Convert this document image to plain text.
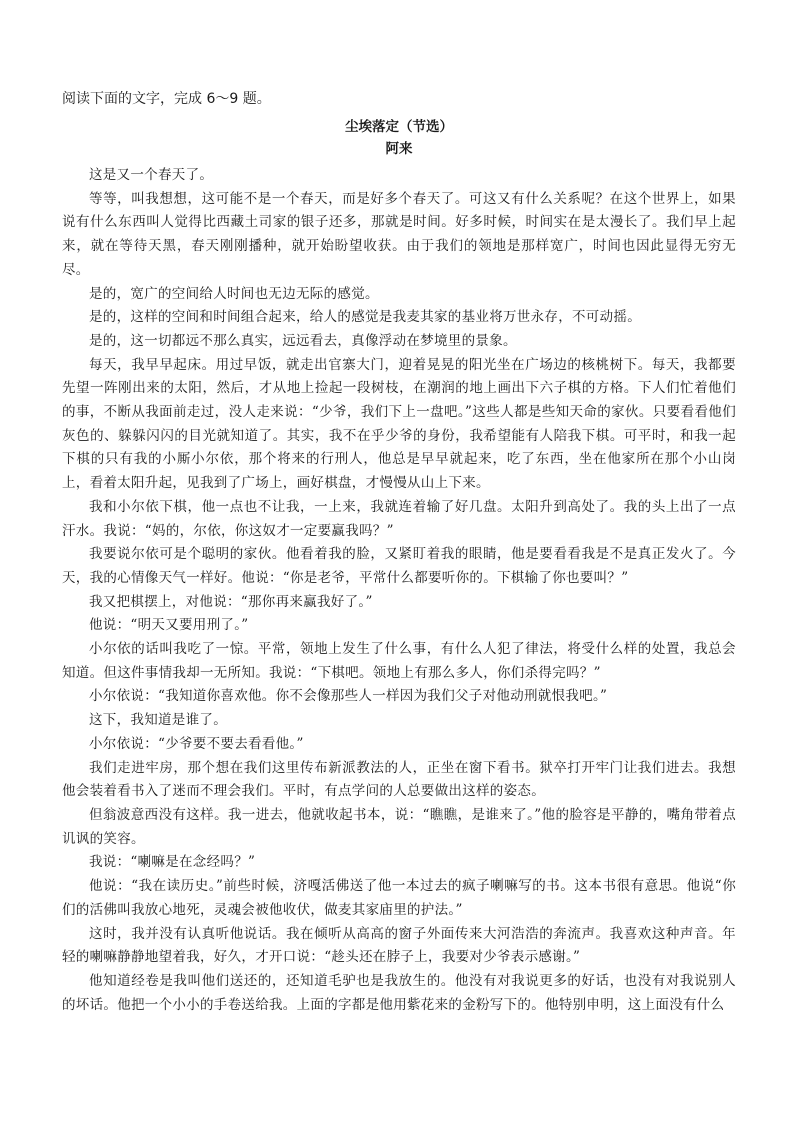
阅读下面的文字，完成 6～9 题。

尘埃落定（节选）

阿来

这是又一个春天了。

等等，叫我想想，这可能不是一个春天，而是好多个春天了。可这又有什么关系呢？在这个世界上，如果说有什么东西叫人觉得比西藏土司家的银子还多，那就是时间。好多时候，时间实在是太漫长了。我们早上起来，就在等待天黑，春天刚刚播种，就开始盼望收获。由于我们的领地是那样宽广，时间也因此显得无穷无尽。

是的，宽广的空间给人时间也无边无际的感觉。

是的，这样的空间和时间组合起来，给人的感觉是我麦其家的基业将万世永存，不可动摇。

是的，这一切都远不那么真实，远远看去，真像浮动在梦境里的景象。

每天，我早早起床。用过早饭，就走出官寨大门，迎着晃晃的阳光坐在广场边的核桃树下。每天，我都要先望一阵刚出来的太阳，然后，才从地上捡起一段树枝，在潮润的地上画出下六子棋的方格。下人们忙着他们的事，不断从我面前走过，没人走来说：“少爷，我们下上一盘吧。”这些人都是些知天命的家伙。只要看看他们灰色的、躲躲闪闪的目光就知道了。其实，我不在乎少爷的身份，我希望能有人陪我下棋。可平时，和我一起下棋的只有我的小厮小尔依，那个将来的行刑人，他总是早早就起来，吃了东西，坐在他家所在那个小山岗上，看着太阳升起，见我到了广场上，画好棋盘，才慢慢从山上下来。

我和小尔依下棋，他一点也不让我，一上来，我就连着输了好几盘。太阳升到高处了。我的头上出了一点汗水。我说：“妈的，尔依，你这奴才一定要赢我吗？”

我要说尔依可是个聪明的家伙。他看着我的脸，又紧盯着我的眼睛，他是要看看我是不是真正发火了。今天，我的心情像天气一样好。他说：“你是老爷，平常什么都要听你的。下棋输了你也要叫？”

我又把棋摆上，对他说：“那你再来赢我好了。”

他说：“明天又要用刑了。”

小尔依的话叫我吃了一惊。平常，领地上发生了什么事，有什么人犯了律法，将受什么样的处置，我总会知道。但这件事情我却一无所知。我说：“下棋吧。领地上有那么多人，你们杀得完吗？”

小尔依说：“我知道你喜欢他。你不会像那些人一样因为我们父子对他动刑就恨我吧。”

这下，我知道是谁了。

小尔依说：“少爷要不要去看看他。”

我们走进牢房，那个想在我们这里传布新派教法的人，正坐在窗下看书。狱卒打开牢门让我们进去。我想他会装着看书入了迷而不理会我们。平时，有点学问的人总要做出这样的姿态。

但翁波意西没有这样。我一进去，他就收起书本，说：“瞧瞧，是谁来了。”他的脸容是平静的，嘴角带着点讥讽的笑容。

我说：“喇嘛是在念经吗？”

他说：“我在读历史。”前些时候，济嘎活佛送了他一本过去的疯子喇嘛写的书。这本书很有意思。他说“你们的活佛叫我放心地死，灵魂会被他收伏，做麦其家庙里的护法。”

这时，我并没有认真听他说话。我在倾听从高高的窗子外面传来大河浩浩的奔流声。我喜欢这种声音。年轻的喇嘛静静地望着我，好久，才开口说：“趁头还在脖子上，我要对少爷表示感谢。”

他知道经卷是我叫他们送还的，还知道毛驴也是我放生的。他没有对我说更多的好话，也没有对我说别人的坏话。他把一个小小的手卷送给我。上面的字都是他用紫花来的金粉写下的。他特别申明，这上面没有什么
